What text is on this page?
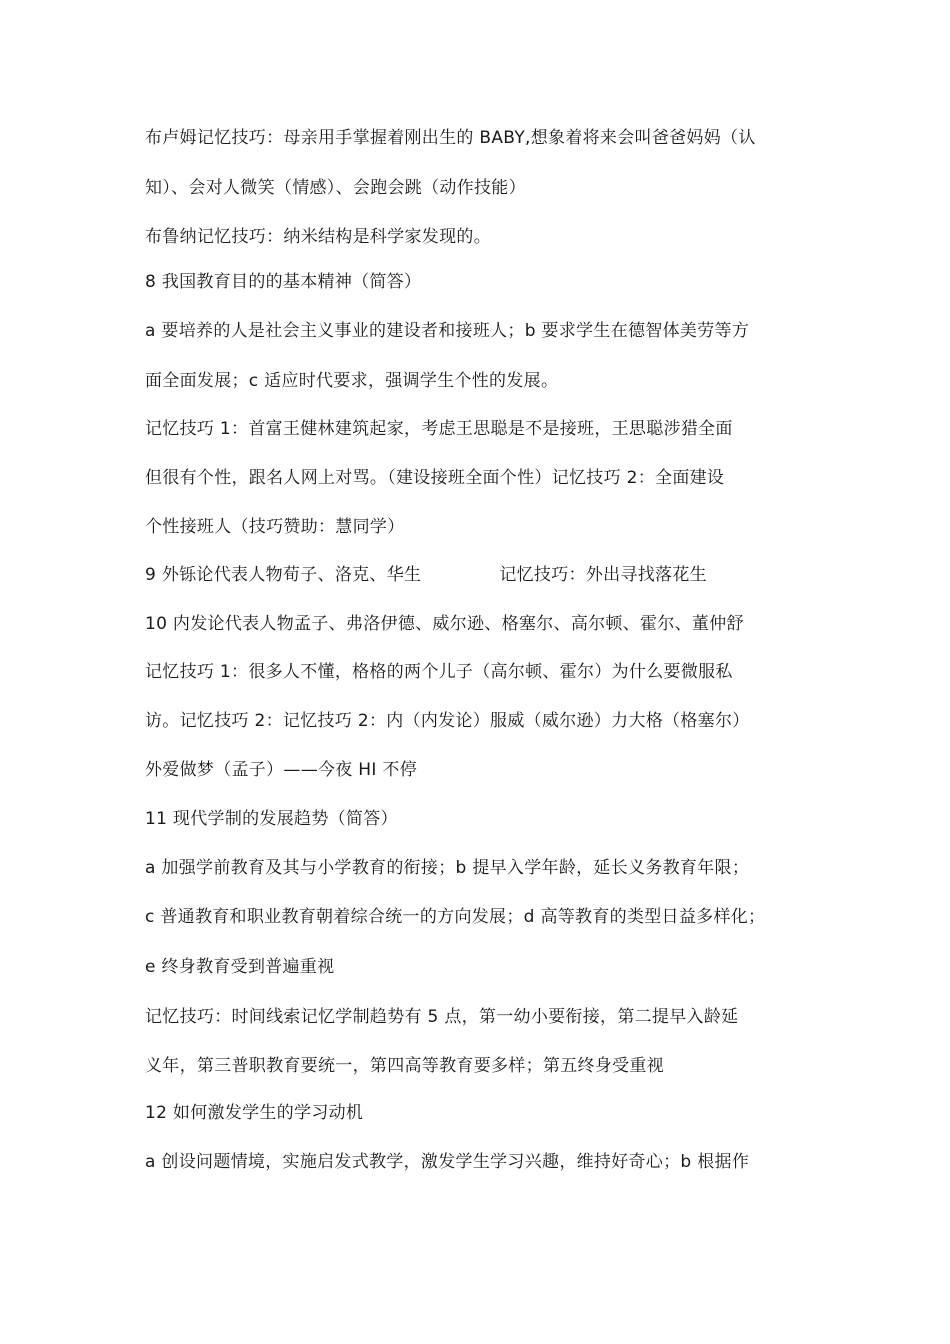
布卢姆记忆技巧：母亲用手掌握着刚出生的 BABY,想象着将来会叫爸爸妈妈（认
知）、会对人微笑（情感）、会跑会跳（动作技能）
布鲁纳记忆技巧：纳米结构是科学家发现的。
8 我国教育目的的基本精神（简答）
a 要培养的人是社会主义事业的建设者和接班人；b 要求学生在德智体美劳等方
面全面发展；c 适应时代要求，强调学生个性的发展。
记忆技巧 1：首富王健林建筑起家，考虑王思聪是不是接班，王思聪涉猎全面
但很有个性，跟名人网上对骂。（建设接班全面个性）记忆技巧 2：全面建设
个性接班人（技巧赞助：慧同学）
9 外铄论代表人物荀子、洛克、华生	记忆技巧：外出寻找落花生
10 内发论代表人物孟子、弗洛伊德、威尔逊、格塞尔、高尔顿、霍尔、董仲舒
记忆技巧 1：很多人不懂，格格的两个儿子（高尔顿、霍尔）为什么要微服私
访。记忆技巧 2：记忆技巧 2：内（内发论）服威（威尔逊）力大格（格塞尔）
外爱做梦（孟子）——今夜 HI 不停
11 现代学制的发展趋势（简答）
a 加强学前教育及其与小学教育的衔接；b 提早入学年龄，延长义务教育年限；
c 普通教育和职业教育朝着综合统一的方向发展；d 高等教育的类型日益多样化；
e 终身教育受到普遍重视
记忆技巧：时间线索记忆学制趋势有 5 点，第一幼小要衔接，第二提早入龄延
义年，第三普职教育要统一，第四高等教育要多样；第五终身受重视
12 如何激发学生的学习动机
a 创设问题情境，实施启发式教学，激发学生学习兴趣，维持好奇心；b 根据作
